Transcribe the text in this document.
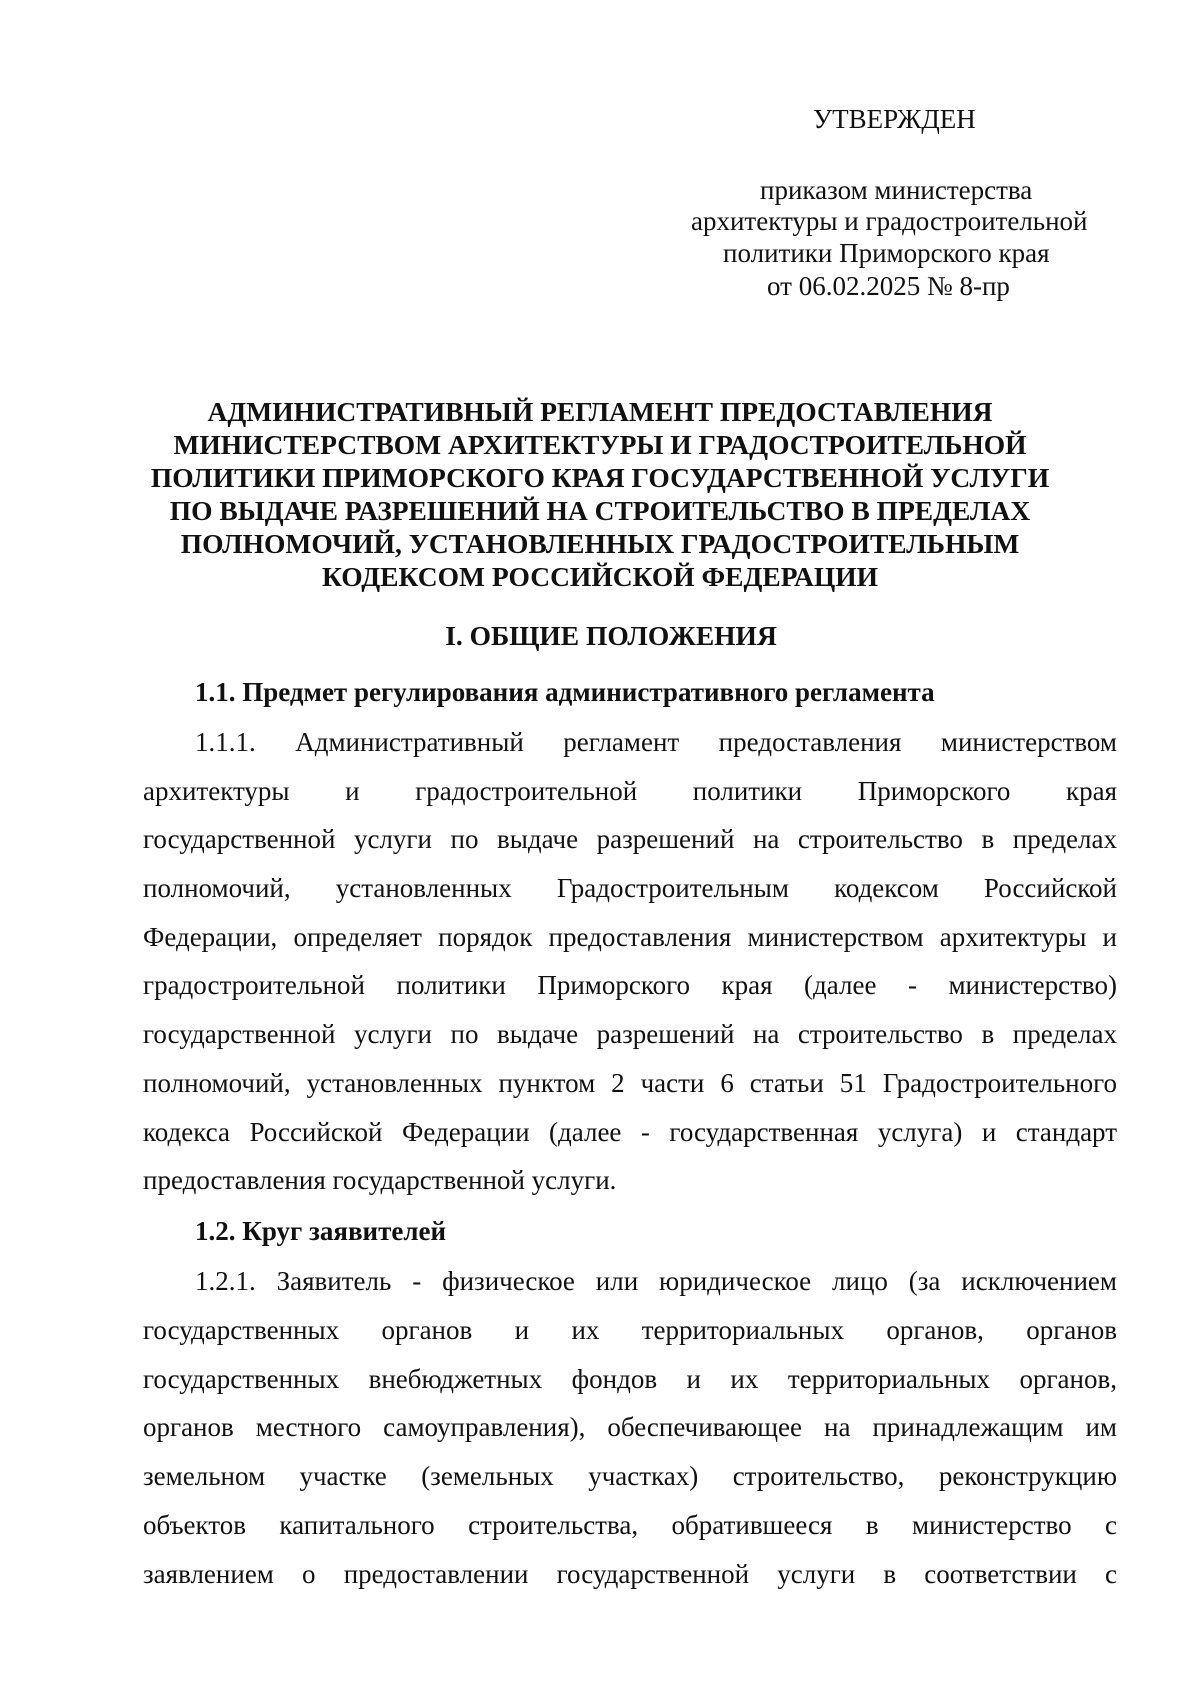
УТВЕРЖДЕН
приказом министерства
архитектуры и градостроительной
политики Приморского края
от 06.02.2025 № 8-пр
АДМИНИСТРАТИВНЫЙ РЕГЛАМЕНТ ПРЕДОСТАВЛЕНИЯ
МИНИСТЕРСТВОМ АРХИТЕКТУРЫ И ГРАДОСТРОИТЕЛЬНОЙ
ПОЛИТИКИ ПРИМОРСКОГО КРАЯ ГОСУДАРСТВЕННОЙ УСЛУГИ
ПО ВЫДАЧЕ РАЗРЕШЕНИЙ НА СТРОИТЕЛЬСТВО В ПРЕДЕЛАХ
ПОЛНОМОЧИЙ, УСТАНОВЛЕННЫХ ГРАДОСТРОИТЕЛЬНЫМ
КОДЕКСОМ РОССИЙСКОЙ ФЕДЕРАЦИИ
I. ОБЩИЕ ПОЛОЖЕНИЯ
1.1. Предмет регулирования административного регламента
1.1.1. Административный регламент предоставления министерством
архитектуры и градостроительной политики Приморского края
государственной услуги по выдаче разрешений на строительство в пределах
полномочий, установленных Градостроительным кодексом Российской
Федерации, определяет порядок предоставления министерством архитектуры и
градостроительной политики Приморского края (далее - министерство)
государственной услуги по выдаче разрешений на строительство в пределах
полномочий, установленных пунктом 2 части 6 статьи 51 Градостроительного
кодекса Российской Федерации (далее - государственная услуга) и стандарт
предоставления государственной услуги.
1.2. Круг заявителей
1.2.1. Заявитель - физическое или юридическое лицо (за исключением
государственных органов и их территориальных органов, органов
государственных внебюджетных фондов и их территориальных органов,
органов местного самоуправления), обеспечивающее на принадлежащим им
земельном участке (земельных участках) строительство, реконструкцию
объектов капитального строительства, обратившееся в министерство с
заявлением о предоставлении государственной услуги в соответствии с
